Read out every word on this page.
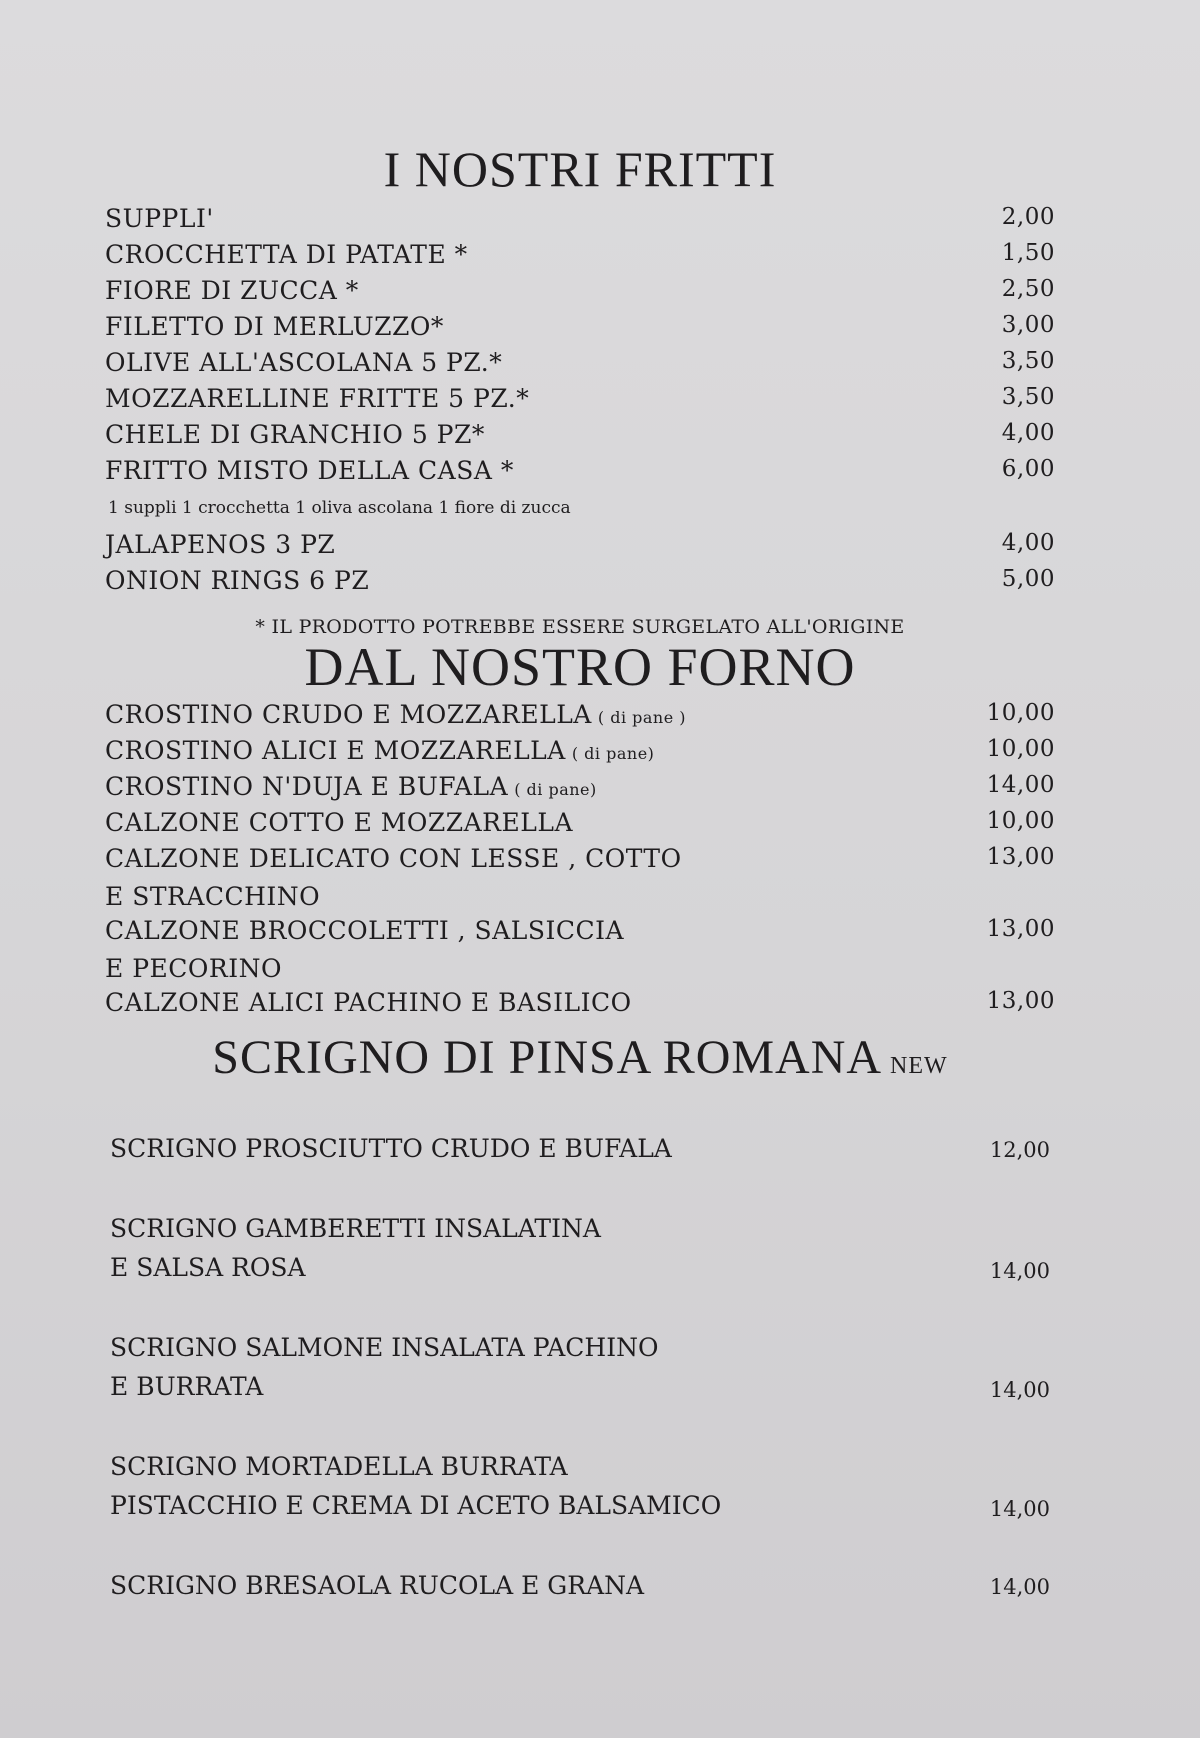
I NOSTRI FRITTI
SUPPLI'	2,00
CROCCHETTA DI PATATE *	1,50
FIORE DI ZUCCA *	2,50
FILETTO DI MERLUZZO*	3,00
OLIVE ALL'ASCOLANA 5 PZ.*	3,50
MOZZARELLINE FRITTE 5 PZ.*	3,50
CHELE DI GRANCHIO 5 PZ*	4,00
FRITTO MISTO DELLA CASA *	6,00
1 suppli 1 crocchetta 1 oliva ascolana 1 fiore di zucca
JALAPENOS 3 PZ	4,00
ONION RINGS 6 PZ	5,00
* IL PRODOTTO POTREBBE ESSERE SURGELATO ALL'ORIGINE
DAL NOSTRO FORNO
CROSTINO CRUDO E MOZZARELLA ( di pane )	10,00
CROSTINO ALICI E MOZZARELLA ( di pane)	10,00
CROSTINO N'DUJA E BUFALA ( di pane)	14,00
CALZONE COTTO E MOZZARELLA	10,00
CALZONE DELICATO CON LESSE , COTTO	13,00
E STRACCHINO
CALZONE BROCCOLETTI , SALSICCIA	13,00
E PECORINO
CALZONE ALICI PACHINO E BASILICO	13,00
SCRIGNO DI PINSA ROMANA NEW
SCRIGNO PROSCIUTTO CRUDO E BUFALA	12,00
SCRIGNO GAMBERETTI INSALATINA
E SALSA ROSA	14,00
SCRIGNO SALMONE INSALATA PACHINO
E BURRATA	14,00
SCRIGNO MORTADELLA BURRATA
PISTACCHIO E CREMA DI ACETO BALSAMICO	14,00
SCRIGNO BRESAOLA RUCOLA E GRANA	14,00
